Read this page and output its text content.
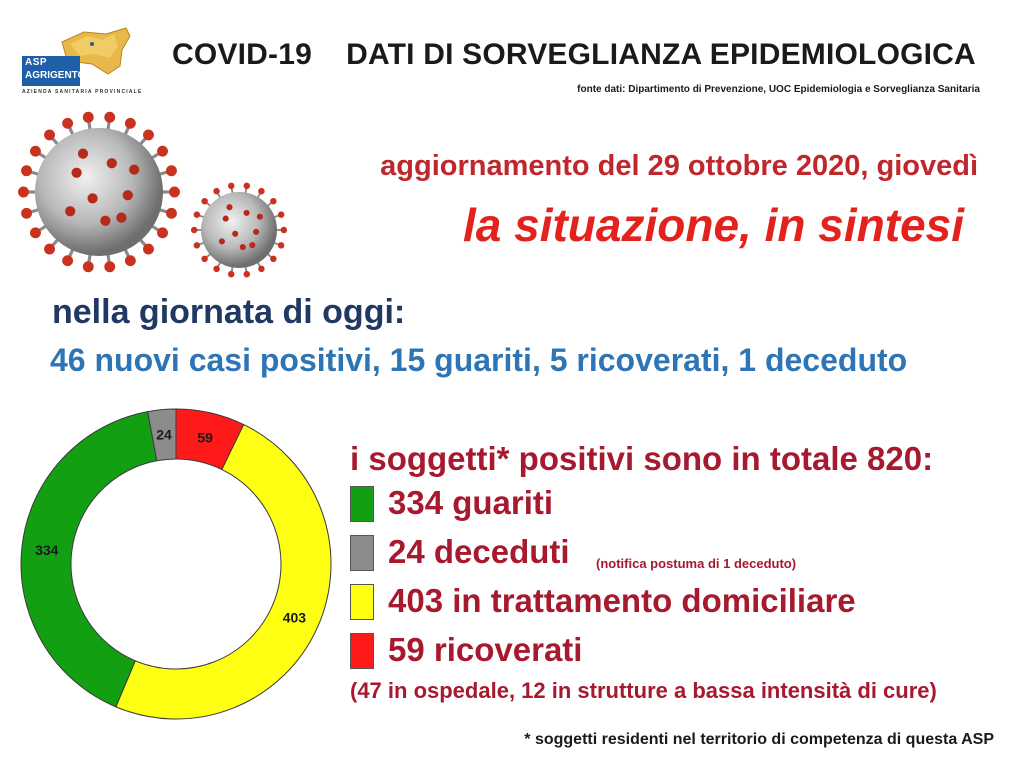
ASP
AGRIGENTO
AZIENDA SANITARIA PROVINCIALE
COVID-19    DATI DI SORVEGLIANZA EPIDEMIOLOGICA
fonte dati: Dipartimento di Prevenzione, UOC Epidemiologia e Sorveglianza Sanitaria
aggiornamento del 29 ottobre 2020, giovedì
la situazione, in sintesi
nella giornata di oggi:
46 nuovi casi positivi, 15 guariti, 5 ricoverati, 1 deceduto
59
403
334
24
i soggetti* positivi sono in totale 820:
334 guariti
24 deceduti (notifica postuma di 1 deceduto)
403 in trattamento domiciliare
59 ricoverati
(47 in ospedale, 12 in strutture a bassa intensità di cure)
* soggetti residenti nel territorio di competenza di questa ASP
